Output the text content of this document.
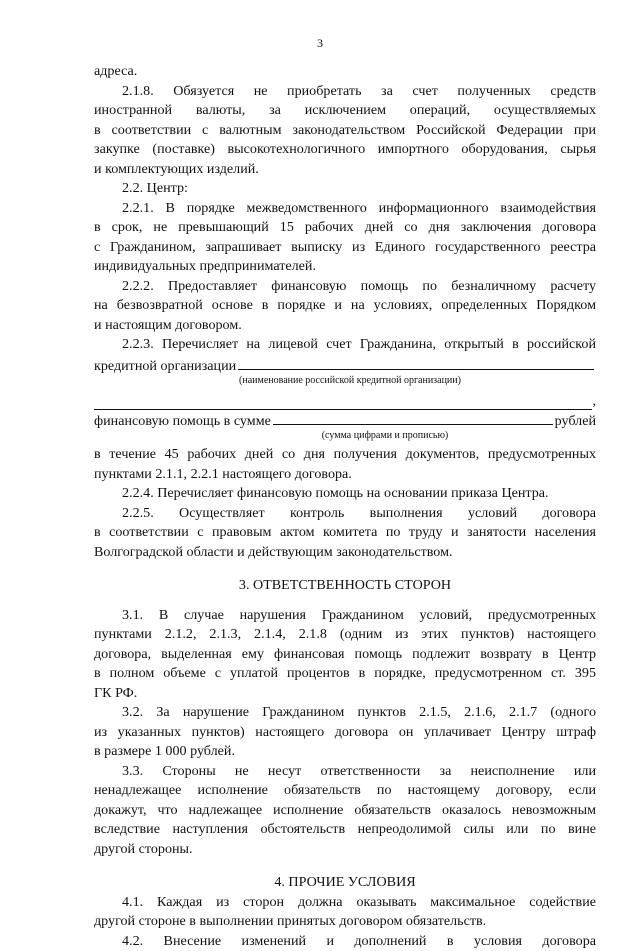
3
адреса.
2.1.8. Обязуется не приобретать за счет полученных средств
иностранной валюты, за исключением операций, осуществляемых
в соответствии с валютным законодательством Российской Федерации при
закупке (поставке) высокотехнологичного импортного оборудования, сырья
и комплектующих изделий.
2.2. Центр:
2.2.1. В порядке межведомственного информационного взаимодействия
в срок, не превышающий 15 рабочих дней со дня заключения договора
с Гражданином, запрашивает выписку из Единого государственного реестра
индивидуальных предпринимателей.
2.2.2. Предоставляет финансовую помощь по безналичному расчету
на безвозвратной основе в порядке и на условиях, определенных Порядком
и настоящим договором.
2.2.3. Перечисляет на лицевой счет Гражданина, открытый в российской
кредитной организации
(наименование российской кредитной организации)
,
финансовую помощь в сумме	рублей
(сумма цифрами и прописью)
в течение 45 рабочих дней со дня получения документов, предусмотренных
пунктами 2.1.1, 2.2.1 настоящего договора.
2.2.4. Перечисляет финансовую помощь на основании приказа Центра.
2.2.5. Осуществляет контроль выполнения условий договора
в соответствии с правовым актом комитета по труду и занятости населения
Волгоградской области и действующим законодательством.
3. ОТВЕТСТВЕННОСТЬ СТОРОН
3.1. В случае нарушения Гражданином условий, предусмотренных
пунктами 2.1.2, 2.1.3, 2.1.4, 2.1.8 (одним из этих пунктов) настоящего
договора, выделенная ему финансовая помощь подлежит возврату в Центр
в полном объеме с уплатой процентов в порядке, предусмотренном ст. 395
ГК РФ.
3.2. За нарушение Гражданином пунктов 2.1.5, 2.1.6, 2.1.7 (одного
из указанных пунктов) настоящего договора он уплачивает Центру штраф
в размере 1 000 рублей.
3.3. Стороны не несут ответственности за неисполнение или
ненадлежащее исполнение обязательств по настоящему договору, если
докажут, что надлежащее исполнение обязательств оказалось невозможным
вследствие наступления обстоятельств непреодолимой силы или по вине
другой стороны.
4. ПРОЧИЕ УСЛОВИЯ
4.1. Каждая из сторон должна оказывать максимальное содействие
другой стороне в выполнении принятых договором обязательств.
4.2. Внесение изменений и дополнений в условия договора
